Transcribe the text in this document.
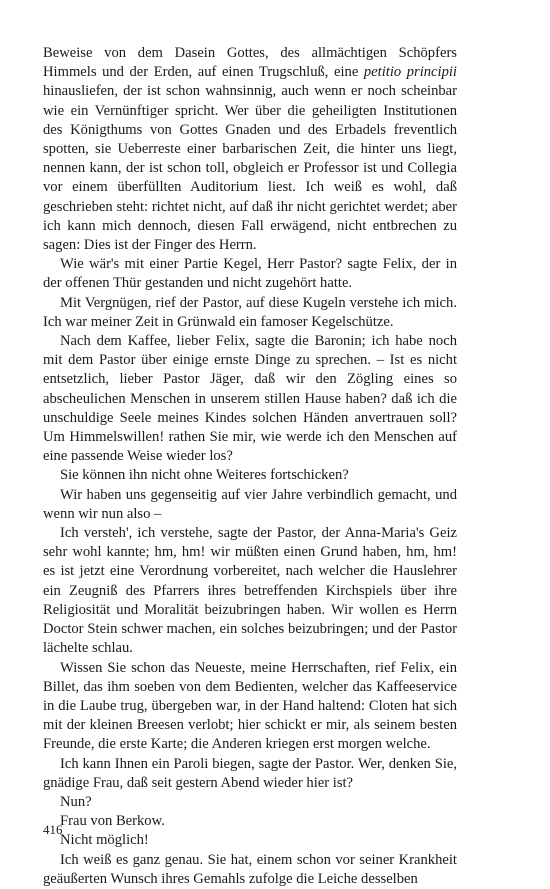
Beweise von dem Dasein Gottes, des allmächtigen Schöpfers Himmels und der Erden, auf einen Trugschluß, eine petitio principii hinausliefen, der ist schon wahnsinnig, auch wenn er noch scheinbar wie ein Vernünftiger spricht. Wer über die geheiligten Institutionen des Königthums von Gottes Gnaden und des Erbadels freventlich spotten, sie Ueberreste einer barbarischen Zeit, die hinter uns liegt, nennen kann, der ist schon toll, obgleich er Professor ist und Collegia vor einem überfüllten Auditorium liest. Ich weiß es wohl, daß geschrieben steht: richtet nicht, auf daß ihr nicht gerichtet werdet; aber ich kann mich dennoch, diesen Fall erwägend, nicht entbrechen zu sagen: Dies ist der Finger des Herrn.

Wie wär's mit einer Partie Kegel, Herr Pastor? sagte Felix, der in der offenen Thür gestanden und nicht zugehört hatte.

Mit Vergnügen, rief der Pastor, auf diese Kugeln verstehe ich mich. Ich war meiner Zeit in Grünwald ein famoser Kegelschütze.

Nach dem Kaffee, lieber Felix, sagte die Baronin; ich habe noch mit dem Pastor über einige ernste Dinge zu sprechen. – Ist es nicht entsetzlich, lieber Pastor Jäger, daß wir den Zögling eines so abscheulichen Menschen in unserem stillen Hause haben? daß ich die unschuldige Seele meines Kindes solchen Händen anvertrauen soll? Um Himmelswillen! rathen Sie mir, wie werde ich den Menschen auf eine passende Weise wieder los?

Sie können ihn nicht ohne Weiteres fortschicken?

Wir haben uns gegenseitig auf vier Jahre verbindlich gemacht, und wenn wir nun also –

Ich versteh', ich verstehe, sagte der Pastor, der Anna-Maria's Geiz sehr wohl kannte; hm, hm! wir müßten einen Grund haben, hm, hm! es ist jetzt eine Verordnung vorbereitet, nach welcher die Hauslehrer ein Zeugniß des Pfarrers ihres betreffenden Kirchspiels über ihre Religiosität und Moralität beizubringen haben. Wir wollen es Herrn Doctor Stein schwer machen, ein solches beizubringen; und der Pastor lächelte schlau.

Wissen Sie schon das Neueste, meine Herrschaften, rief Felix, ein Billet, das ihm soeben von dem Bedienten, welcher das Kaffeeservice in die Laube trug, übergeben war, in der Hand haltend: Cloten hat sich mit der kleinen Breesen verlobt; hier schickt er mir, als seinem besten Freunde, die erste Karte; die Anderen kriegen erst morgen welche.

Ich kann Ihnen ein Paroli biegen, sagte der Pastor. Wer, denken Sie, gnädige Frau, daß seit gestern Abend wieder hier ist?

Nun?

Frau von Berkow.

Nicht möglich!

Ich weiß es ganz genau. Sie hat, einem schon vor seiner Krankheit geäußerten Wunsch ihres Gemahls zufolge die Leiche desselben

416
